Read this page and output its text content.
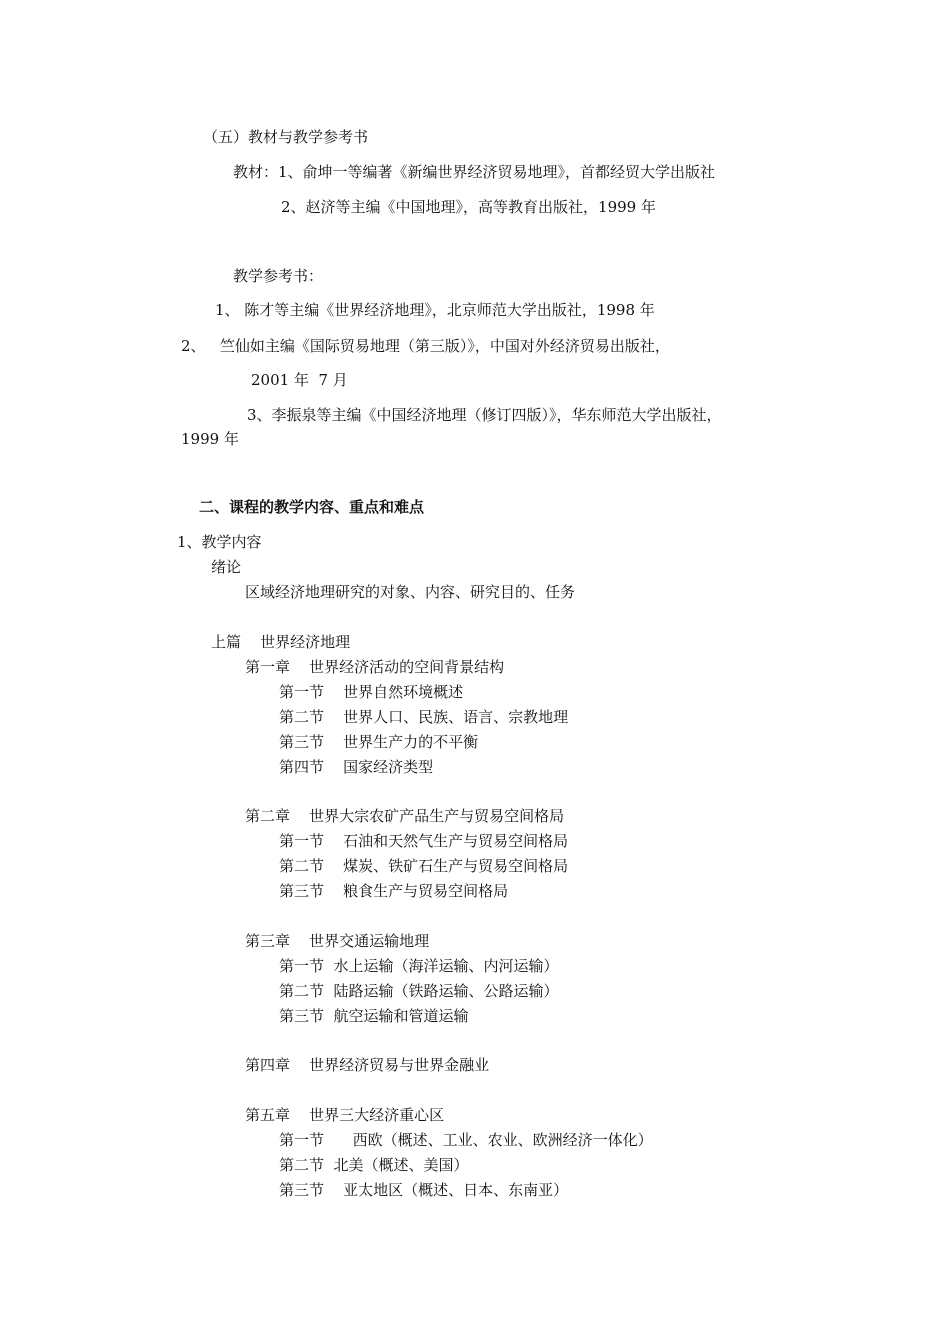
（五）教材与教学参考书
教材：1、俞坤一等编著《新编世界经济贸易地理》，首都经贸大学出版社
2、赵济等主编《中国地理》，高等教育出版社，1999 年
教学参考书：
1、 陈才等主编《世界经济地理》，北京师范大学出版社，1998 年
2、   竺仙如主编《国际贸易地理（第三版）》，中国对外经济贸易出版社，
2001 年  7 月
3、李振泉等主编《中国经济地理（修订四版）》，华东师范大学出版社，
1999 年
二、课程的教学内容、重点和难点
1、教学内容
绪论
区域经济地理研究的对象、内容、研究目的、任务
上篇    世界经济地理
第一章    世界经济活动的空间背景结构
第一节    世界自然环境概述
第二节    世界人口、民族、语言、宗教地理
第三节    世界生产力的不平衡
第四节    国家经济类型
第二章    世界大宗农矿产品生产与贸易空间格局
第一节    石油和天然气生产与贸易空间格局
第二节    煤炭、铁矿石生产与贸易空间格局
第三节    粮食生产与贸易空间格局
第三章    世界交通运输地理
第一节  水上运输（海洋运输、内河运输）
第二节  陆路运输（铁路运输、公路运输）
第三节  航空运输和管道运输
第四章    世界经济贸易与世界金融业
第五章    世界三大经济重心区
第一节      西欧（概述、工业、农业、欧洲经济一体化）
第二节  北美（概述、美国）
第三节    亚太地区（概述、日本、东南亚）
